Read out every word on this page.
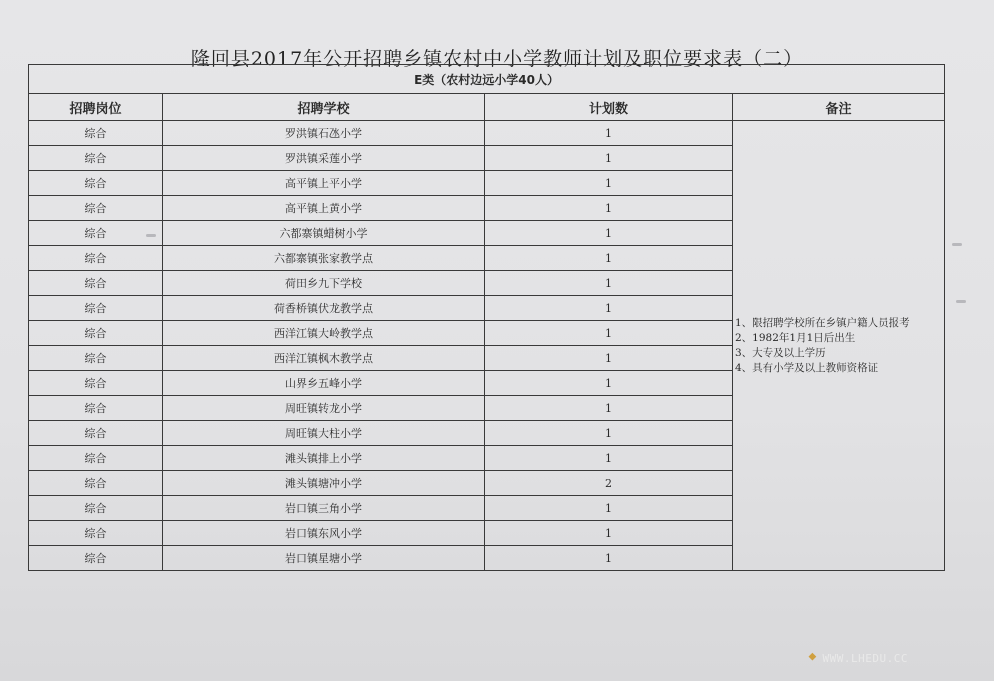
隆回县2017年公开招聘乡镇农村中小学教师计划及职位要求表（二）
E类（农村边远小学40人）			
招聘岗位	招聘学校	计划数	备注
综合	罗洪镇石氹小学	1	1、限招聘学校所在乡镇户籍人员报考
2、1982年1月1日后出生
3、大专及以上学历
4、具有小学及以上教师资格证

综合	罗洪镇采莲小学	1	
综合	高平镇上平小学	1	
综合	高平镇上黄小学	1	
综合	六都寨镇蜡树小学	1	
综合	六都寨镇张家教学点	1	
综合	荷田乡九下学校	1	
综合	荷香桥镇伏龙教学点	1	
综合	西洋江镇大岭教学点	1	
综合	西洋江镇枫木教学点	1	
综合	山界乡五峰小学	1	
综合	周旺镇转龙小学	1	
综合	周旺镇大柱小学	1	
综合	滩头镇排上小学	1	
综合	滩头镇塘冲小学	2	
综合	岩口镇三角小学	1	
综合	岩口镇东风小学	1	
综合	岩口镇星塘小学	1	
◆ WWW.LHEDU.CC
